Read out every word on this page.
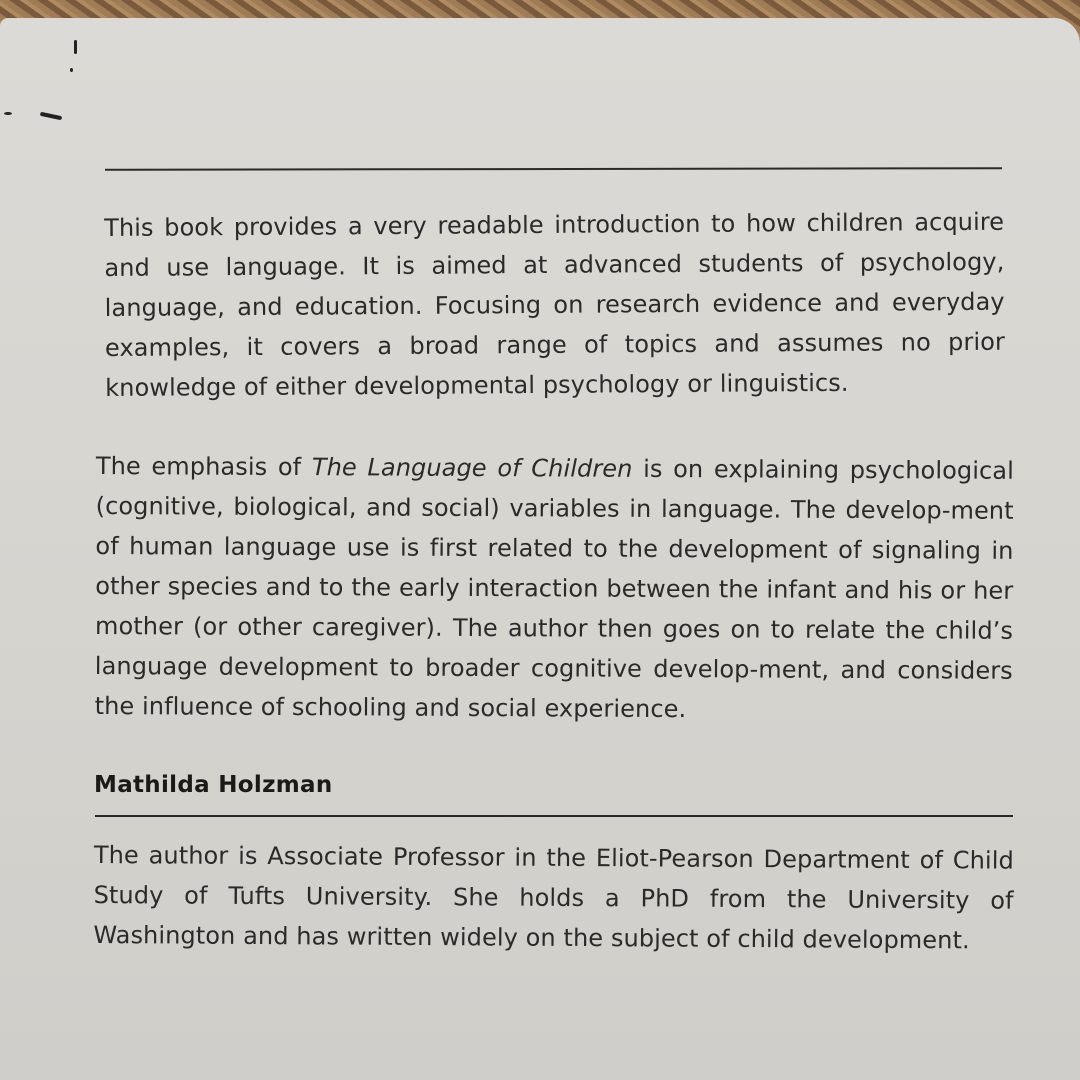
This book provides a very readable introduction to how children acquire and use language. It is aimed at advanced students of psychology, language, and education. Focusing on research evidence and everyday examples, it covers a broad range of topics and assumes no prior knowledge of either developmental psychology or linguistics.

The emphasis of The Language of Children is on explaining psychological (cognitive, biological, and social) variables in language. The develop-ment of human language use is first related to the development of signaling in other species and to the early interaction between the infant and his or her mother (or other caregiver). The author then goes on to relate the child’s language development to broader cognitive develop-ment, and considers the influence of schooling and social experience.

Mathilda Holzman

The author is Associate Professor in the Eliot-Pearson Department of Child Study of Tufts University. She holds a PhD from the University of Washington and has written widely on the subject of child development.
